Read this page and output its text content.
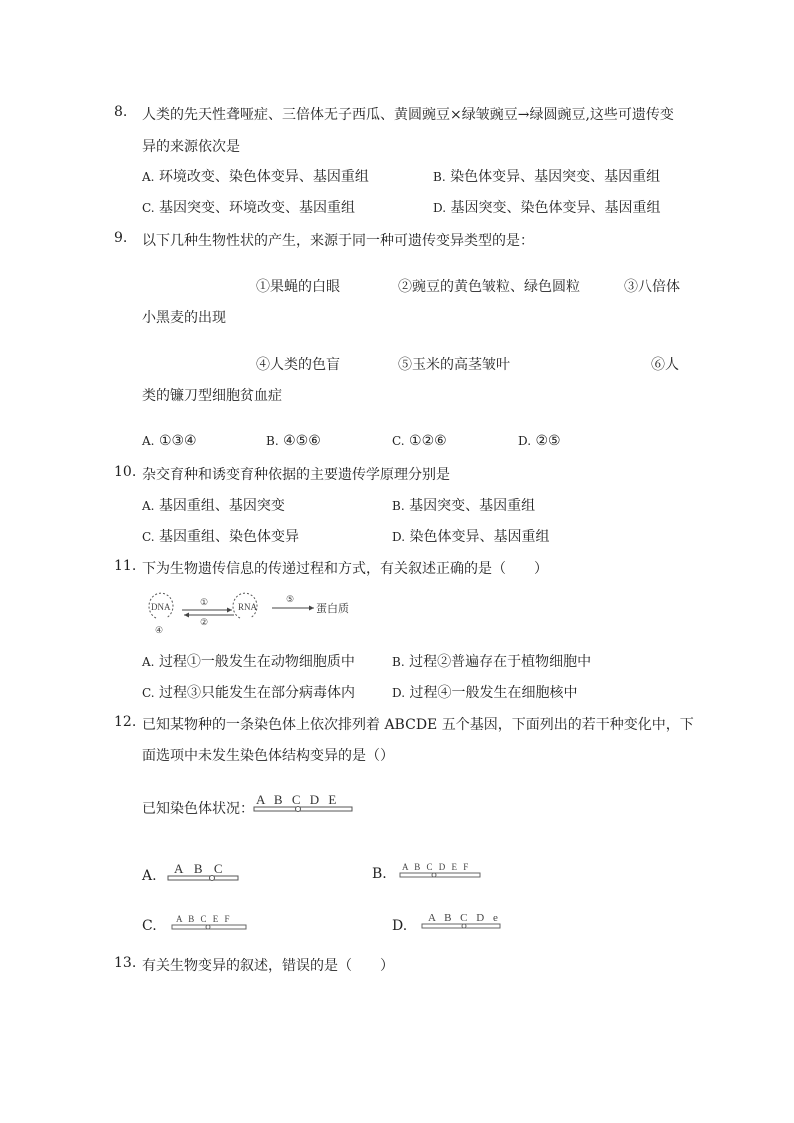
8. 人类的先天性聋哑症、三倍体无子西瓜、黄圆豌豆×绿皱豌豆→绿圆豌豆,这些可遗传变
异的来源依次是
A. 环境改变、染色体变异、基因重组	B. 染色体变异、基因突变、基因重组
C. 基因突变、环境改变、基因重组	D. 基因突变、染色体变异、基因重组
9. 以下几种生物性状的产生，来源于同一种可遗传变异类型的是：
①果蝇的白眼	②豌豆的黄色皱粒、绿色圆粒	③八倍体
小黑麦的出现
④人类的色盲	⑤玉米的高茎皱叶	⑥人
类的镰刀型细胞贫血症
A. ①③④	B. ④⑤⑥	C. ①②⑥	D. ②⑤
10. 杂交育种和诱变育种依据的主要遗传学原理分别是
A. 基因重组、基因突变	B. 基因突变、基因重组
C. 基因重组、染色体变异	D. 染色体变异、基因重组
11. 下为生物遗传信息的传递过程和方式，有关叙述正确的是（　　）
DNA
④
①
②
RNA
⑤
蛋白质
A. 过程①一般发生在动物细胞质中	B. 过程②普遍存在于植物细胞中
C. 过程③只能发生在部分病毒体内	D. 过程④一般发生在细胞核中
12. 已知某物种的一条染色体上依次排列着 ABCDE 五个基因，下面列出的若干种变化中，下
面选项中未发生染色体结构变异的是（）
已知染色体状况：
A B C D E
A. A B C	B. A B C D E F
C. A B C E F	D. A B C D e
13. 有关生物变异的叙述，错误的是（　　）
